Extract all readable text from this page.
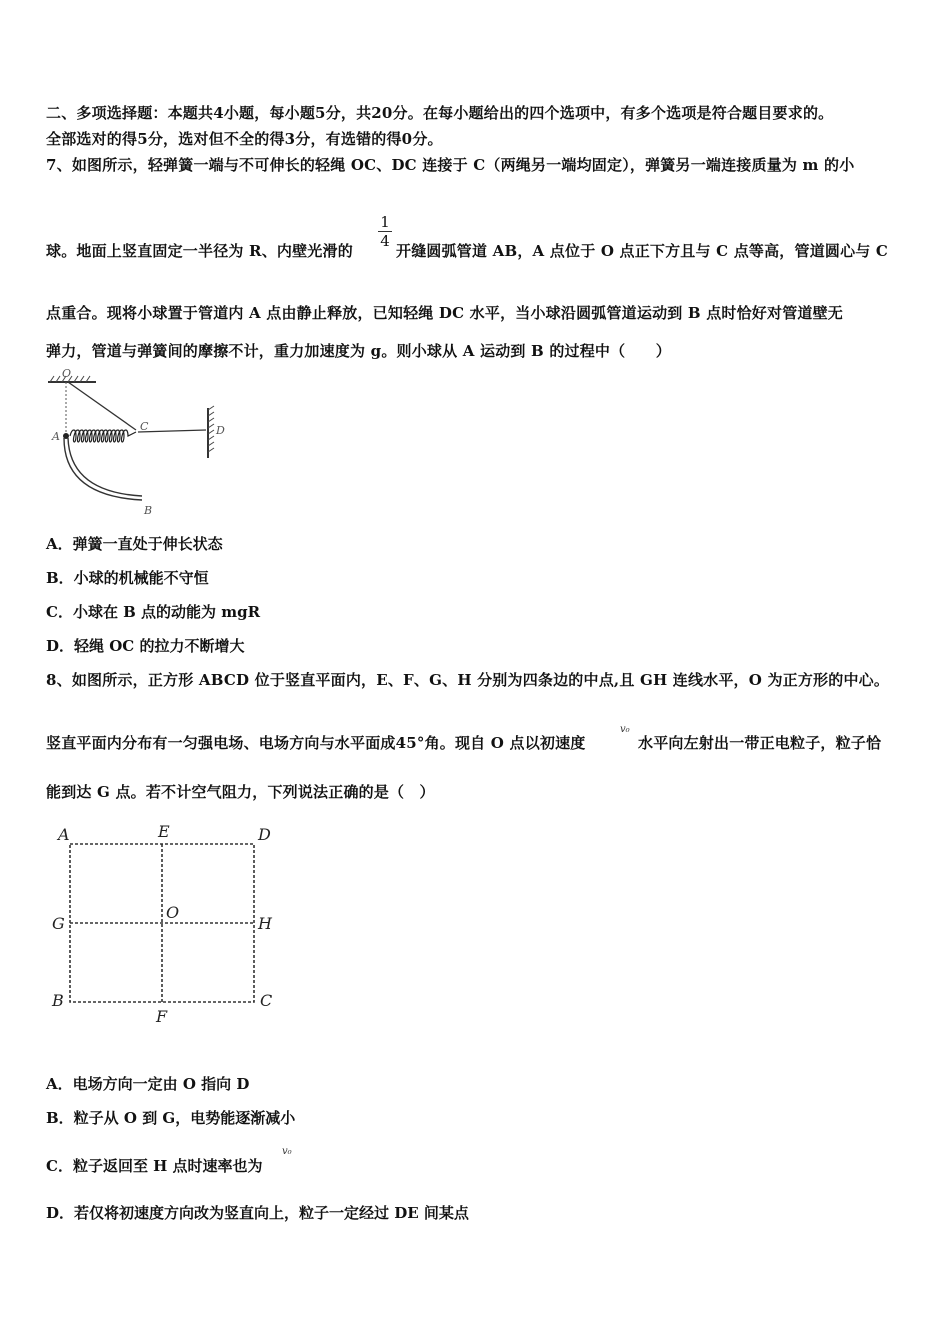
二、多项选择题：本题共4小题，每小题5分，共20分。在每小题给出的四个选项中，有多个选项是符合题目要求的。
全部选对的得5分，选对但不全的得3分，有选错的得0分。
7、如图所示，轻弹簧一端与不可伸长的轻绳 OC、DC 连接于 C（两绳另一端均固定），弹簧另一端连接质量为 m 的小
球。地面上竖直固定一半径为 R、内壁光滑的
$\frac{1}{4}$
开缝圆弧管道 AB，A 点位于 O 点正下方且与 C 点等高，管道圆心与 C
点重合。现将小球置于管道内 A 点由静止释放，已知轻绳 DC 水平，当小球沿圆弧管道运动到 B 点时恰好对管道壁无
弹力，管道与弹簧间的摩擦不计，重力加速度为 g。则小球从 A 运动到 B 的过程中（　　）
O
D
C
A
B
A．弹簧一直处于伸长状态
B．小球的机械能不守恒
C．小球在 B 点的动能为 mgR
D．轻绳 OC 的拉力不断增大
8、如图所示，正方形 ABCD 位于竖直平面内，E、F、G、H 分别为四条边的中点,且 GH 连线水平，O 为正方形的中心。
竖直平面内分布有一匀强电场、电场方向与水平面成45°角。现自 O 点以初速度
v₀
水平向左射出一带正电粒子，粒子恰
能到达 G 点。若不计空气阻力，下列说法正确的是（　）
A	E	D
G
O
H
B
F
C
A．电场方向一定由 O 指向 D
B．粒子从 O 到 G，电势能逐渐减小
C．粒子返回至 H 点时速率也为
v₀
D．若仅将初速度方向改为竖直向上，粒子一定经过 DE 间某点
